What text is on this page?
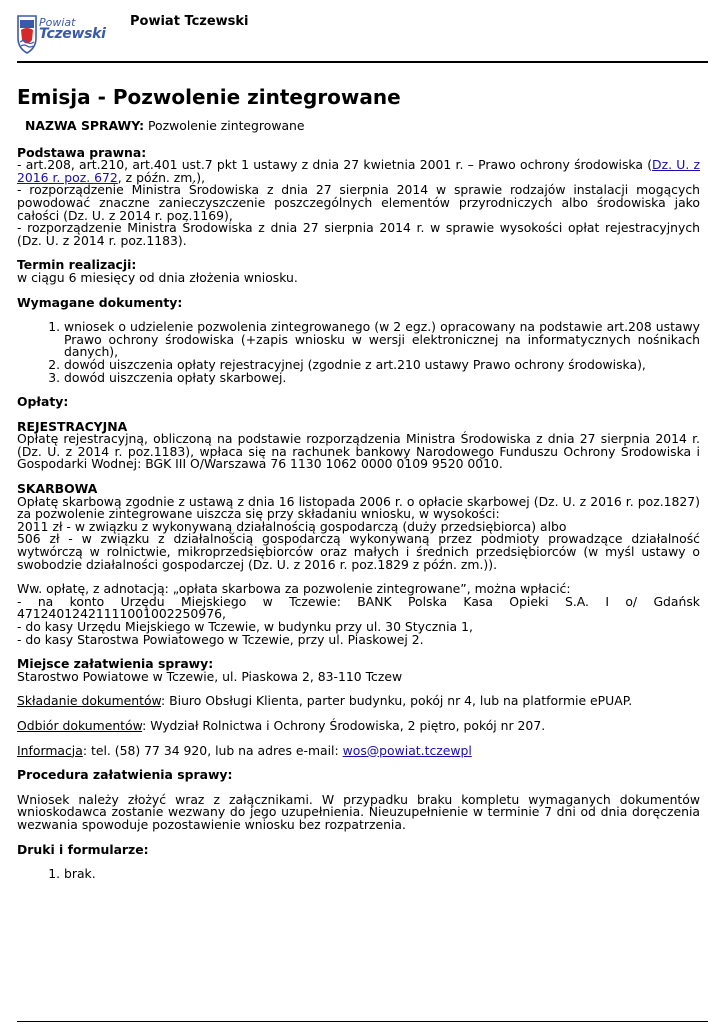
Powiat
Tczewski
Powiat Tczewski
Emisja - Pozwolenie zintegrowane

NAZWA SPRAWY: Pozwolenie zintegrowane

Podstawa prawna:

- art.208, art.210, art.401 ust.7 pkt 1 ustawy z dnia 27 kwietnia 2001 r. – Prawo ochrony środowiska (Dz. U. z 2016 r. poz. 672, z późn. zm.),

- rozporządzenie Ministra Środowiska z dnia 27 sierpnia 2014 w sprawie rodzajów instalacji mogących powodować znaczne zanieczyszczenie poszczególnych elementów przyrodniczych albo środowiska jako całości (Dz. U. z 2014 r. poz.1169),

- rozporządzenie Ministra Środowiska z dnia 27 sierpnia 2014 r. w sprawie wysokości opłat rejestracyjnych (Dz. U. z 2014 r. poz.1183).

Termin realizacji:

w ciągu 6 miesięcy od dnia złożenia wniosku.

Wymagane dokumenty:

1. wniosek o udzielenie pozwolenia zintegrowanego (w 2 egz.) opracowany na podstawie art.208 ustawy Prawo ochrony środowiska (+zapis wniosku w wersji elektronicznej na informatycznych nośnikach danych),
2. dowód uiszczenia opłaty rejestracyjnej (zgodnie z art.210 ustawy Prawo ochrony środowiska),
3. dowód uiszczenia opłaty skarbowej.

Opłaty:

REJESTRACYJNA

Opłatę rejestracyjną, obliczoną na podstawie rozporządzenia Ministra Środowiska z dnia 27 sierpnia 2014 r. (Dz. U. z 2014 r. poz.1183), wpłaca się na rachunek bankowy Narodowego Funduszu Ochrony Środowiska i Gospodarki Wodnej: BGK III O/Warszawa 76 1130 1062 0000 0109 9520 0010.

SKARBOWA

Opłatę skarbową zgodnie z ustawą z dnia 16 listopada 2006 r. o opłacie skarbowej (Dz. U. z 2016 r. poz.1827) za pozwolenie zintegrowane uiszcza się przy składaniu wniosku, w wysokości:

2011 zł - w związku z wykonywaną działalnością gospodarczą (duży przedsiębiorca) albo

506 zł - w związku z działalnością gospodarczą wykonywaną przez podmioty prowadzące działalność wytwórczą w rolnictwie, mikroprzedsiębiorców oraz małych i średnich przedsiębiorców (w myśl ustawy o swobodzie działalności gospodarczej (Dz. U. z 2016 r. poz.1829 z późn. zm.)).

Ww. opłatę, z adnotacją: „opłata skarbowa za pozwolenie zintegrowane”, można wpłacić:

- na konto Urzędu Miejskiego w Tczewie: BANK Polska Kasa Opieki S.A. I o/ Gdańsk 47124012421111001002250976,

- do kasy Urzędu Miejskiego w Tczewie, w budynku przy ul. 30 Stycznia 1,

- do kasy Starostwa Powiatowego w Tczewie, przy ul. Piaskowej 2.

Miejsce załatwienia sprawy:

Starostwo Powiatowe w Tczewie, ul. Piaskowa 2, 83-110 Tczew

Składanie dokumentów: Biuro Obsługi Klienta, parter budynku, pokój nr 4, lub na platformie ePUAP.

Odbiór dokumentów: Wydział Rolnictwa i Ochrony Środowiska, 2 piętro, pokój nr 207.

Informacja: tel. (58) 77 34 920, lub na adres e-mail: wos@powiat.tczewpl

Procedura załatwienia sprawy:

Wniosek należy złożyć wraz z załącznikami. W przypadku braku kompletu wymaganych dokumentów wnioskodawca zostanie wezwany do jego uzupełnienia. Nieuzupełnienie w terminie 7 dni od dnia doręczenia wezwania spowoduje pozostawienie wniosku bez rozpatrzenia.

Druki i formularze:

1. brak.
